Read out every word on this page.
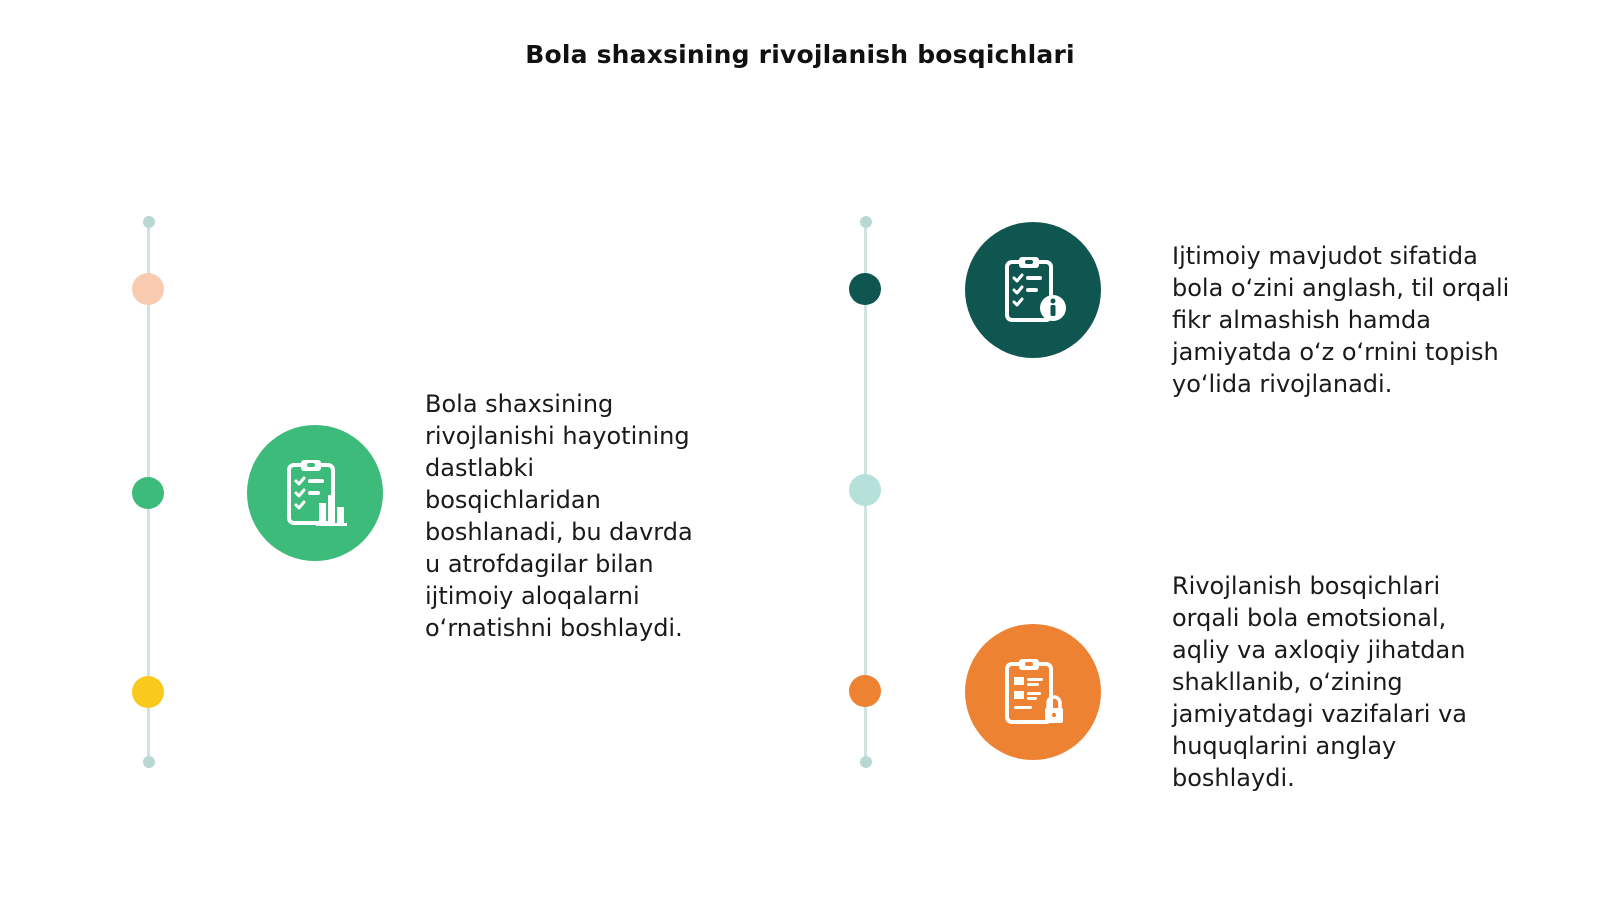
Bola shaxsining rivojlanish bosqichlari
Bola shaxsining
rivojlanishi hayotining
dastlabki
bosqichlaridan
boshlanadi, bu davrda
u atrofdagilar bilan
ijtimoiy aloqalarni
o‘rnatishni boshlaydi.
Ijtimoiy mavjudot sifatida
bola o‘zini anglash, til orqali
fikr almashish hamda
jamiyatda o‘z o‘rnini topish
yo‘lida rivojlanadi.
Rivojlanish bosqichlari
orqali bola emotsional,
aqliy va axloqiy jihatdan
shakllanib, o‘zining
jamiyatdagi vazifalari va
huquqlarini anglay
boshlaydi.
